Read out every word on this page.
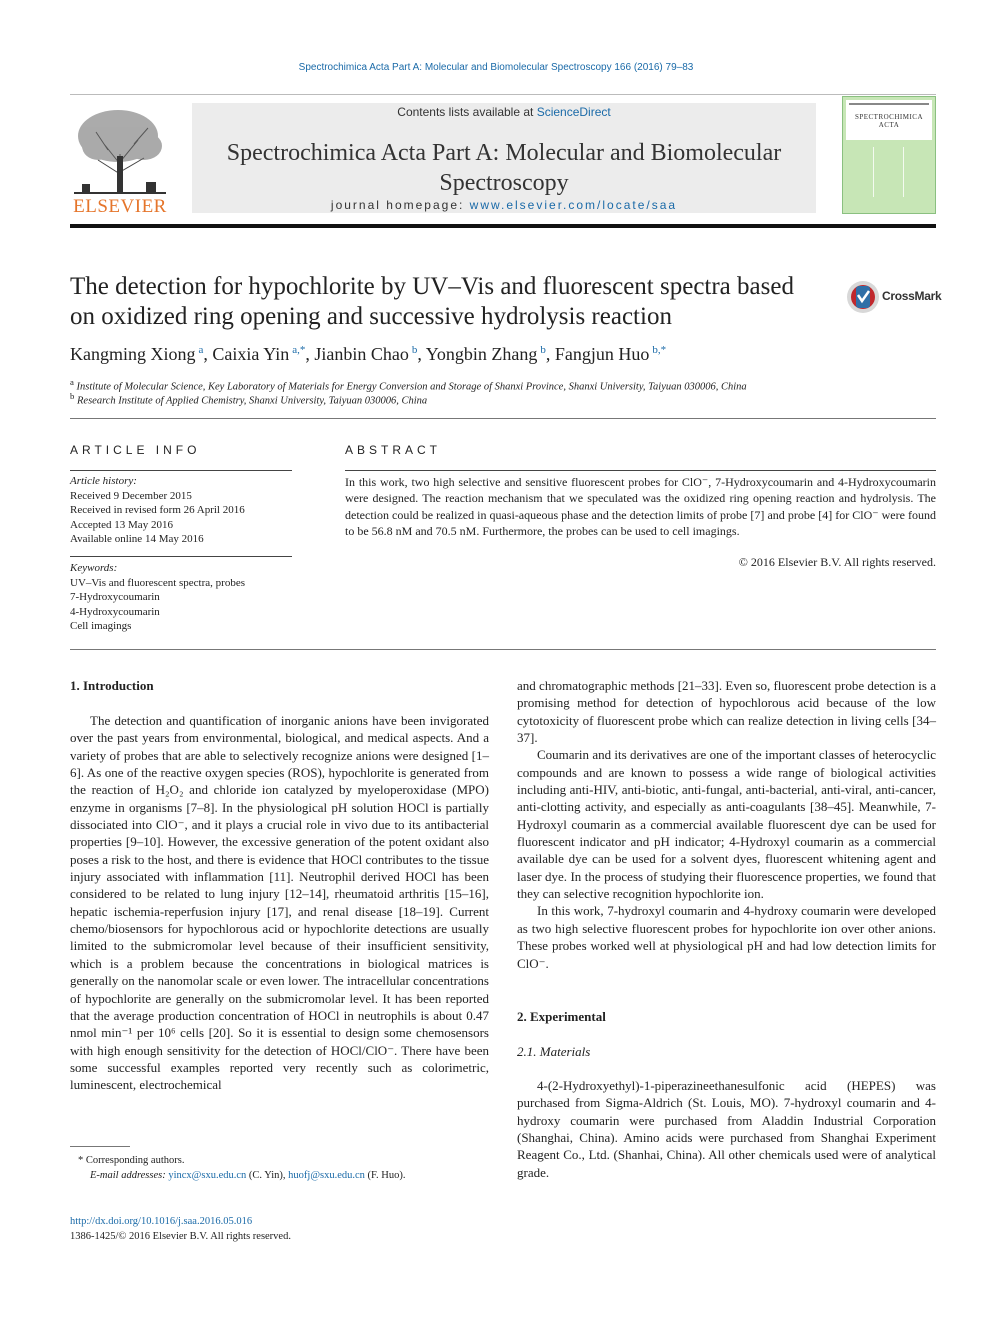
Spectrochimica Acta Part A: Molecular and Biomolecular Spectroscopy 166 (2016) 79–83
ELSEVIER
Contents lists available at ScienceDirect
Spectrochimica Acta Part A: Molecular and Biomolecular
Spectroscopy
journal homepage: www.elsevier.com/locate/saa
SPECTROCHIMICA
ACTA
The detection for hypochlorite by UV–Vis and fluorescent spectra based
on oxidized ring opening and successive hydrolysis reaction
CrossMark
Kangming Xiong $^a$, Caixia Yin $^{a,*}$, Jianbin Chao $^b$, Yongbin Zhang $^b$, Fangjun Huo $^{b,*}$
$^a$ Institute of Molecular Science, Key Laboratory of Materials for Energy Conversion and Storage of Shanxi Province, Shanxi University, Taiyuan 030006, China
$^b$ Research Institute of Applied Chemistry, Shanxi University, Taiyuan 030006, China
ARTICLE INFO
Article history:
Received 9 December 2015
Received in revised form 26 April 2016
Accepted 13 May 2016
Available online 14 May 2016
Keywords:
UV–Vis and fluorescent spectra, probes
7-Hydroxycoumarin
4-Hydroxycoumarin
Cell imagings
ABSTRACT
In this work, two high selective and sensitive fluorescent probes for ClO⁻, 7-Hydroxycoumarin and 4-Hydroxycoumarin were designed. The reaction mechanism that we speculated was the oxidized ring opening reaction and hydrolysis. The detection could be realized in quasi-aqueous phase and the detection limits of probe [7] and probe [4] for ClO⁻ were found to be 56.8 nM and 70.5 nM. Furthermore, the probes can be used to cell imagings.
© 2016 Elsevier B.V. All rights reserved.
1. Introduction

The detection and quantification of inorganic anions have been invigorated over the past years from environmental, biological, and medical aspects. And a variety of probes that are able to selectively recognize anions were designed [1–6]. As one of the reactive oxygen species (ROS), hypochlorite is generated from the reaction of H₂O₂ and chloride ion catalyzed by myeloperoxidase (MPO) enzyme in organisms [7–8]. In the physiological pH solution HOCl is partially dissociated into ClO⁻, and it plays a crucial role in vivo due to its antibacterial properties [9–10]. However, the excessive generation of the potent oxidant also poses a risk to the host, and there is evidence that HOCl contributes to the tissue injury associated with inflammation [11]. Neutrophil derived HOCl has been considered to be related to lung injury [12–14], rheumatoid arthritis [15–16], hepatic ischemia-reperfusion injury [17], and renal disease [18–19]. Current chemo/biosensors for hypochlorous acid or hypochlorite detections are usually limited to the submicromolar level because of their insufficient sensitivity, which is a problem because the concentrations in biological matrices is generally on the nanomolar scale or even lower. The intracellular concentrations of hypochlorite are generally on the submicromolar level. It has been reported that the average production concentration of HOCl in neutrophils is about 0.47 nmol min⁻¹ per 10⁶ cells [20]. So it is essential to design some chemosensors with high enough sensitivity for the detection of HOCl/ClO⁻. There have been some successful examples reported very recently such as colorimetric, luminescent, electrochemical

and chromatographic methods [21–33]. Even so, fluorescent probe detection is a promising method for detection of hypochlorous acid because of the low cytotoxicity of fluorescent probe which can realize detection in living cells [34–37].

Coumarin and its derivatives are one of the important classes of heterocyclic compounds and are known to possess a wide range of biological activities including anti-HIV, anti-biotic, anti-fungal, anti-bacterial, anti-viral, anti-cancer, anti-clotting activity, and especially as anti-coagulants [38–45]. Meanwhile, 7-Hydroxyl coumarin as a commercial available fluorescent dye can be used for fluorescent indicator and pH indicator; 4-Hydroxyl coumarin as a commercial available dye can be used for a solvent dyes, fluorescent whitening agent and laser dye. In the process of studying their fluorescence properties, we found that they can selective recognition hypochlorite ion.

In this work, 7-hydroxyl coumarin and 4-hydroxy coumarin were developed as two high selective fluorescent probes for hypochlorite ion over other anions. These probes worked well at physiological pH and had low detection limits for ClO⁻.

2. Experimental
2.1. Materials

4-(2-Hydroxyethyl)-1-piperazineethanesulfonic acid (HEPES) was purchased from Sigma-Aldrich (St. Louis, MO). 7-hydroxyl coumarin and 4-hydroxy coumarin were purchased from Aladdin Industrial Corporation (Shanghai, China). Amino acids were purchased from Shanghai Experiment Reagent Co., Ltd. (Shanhai, China). All other chemicals used were of analytical grade.

* Corresponding authors.
E-mail addresses: yincx@sxu.edu.cn (C. Yin), huofj@sxu.edu.cn (F. Huo).
http://dx.doi.org/10.1016/j.saa.2016.05.016
1386-1425/© 2016 Elsevier B.V. All rights reserved.
